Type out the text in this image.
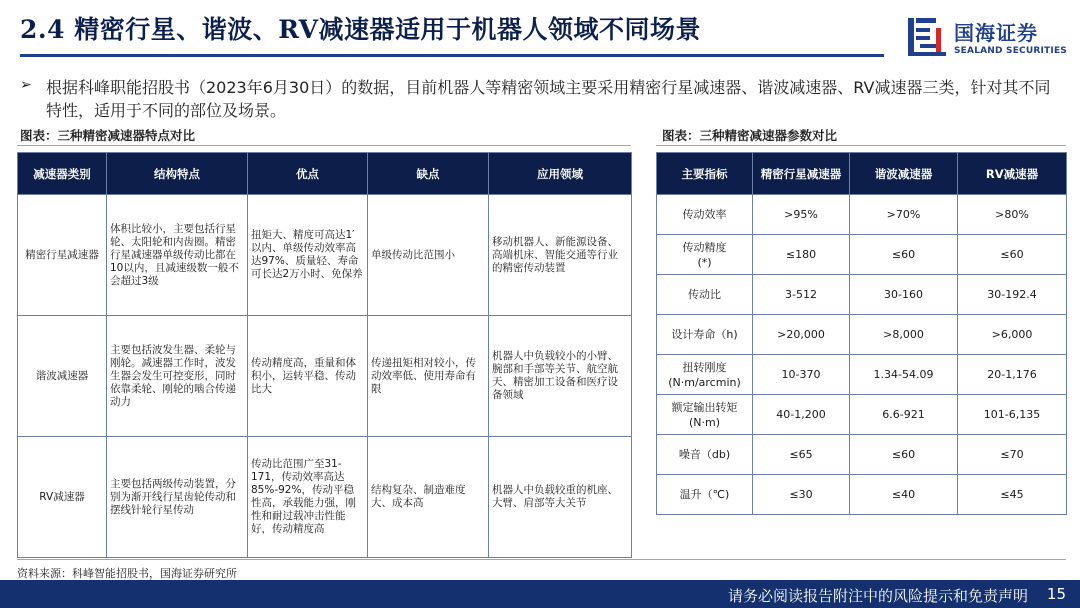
2.4 精密行星、谐波、RV减速器适用于机器人领域不同场景	国海证券
SEALAND SECURITIES
➢ 根据科峰职能招股书（2023年6月30日）的数据，目前机器人等精密领域主要采用精密行星减速器、谐波减速器、RV减速器三类，针对其不同特性，适用于不同的部位及场景。
图表：三种精密减速器特点对比	图表：三种精密减速器参数对比
减速器类别	结构特点	优点	缺点	应用领域
精密行星减速器	体积比较小，主要包括行星轮、太阳轮和内齿圈。精密行星减速器单级传动比都在10以内，且减速级数一般不会超过3级	扭矩大、精度可高达1′以内、单级传动效率高达97%、质量轻、寿命可长达2万小时、免保养	单级传动比范围小	移动机器人、新能源设备、高端机床、智能交通等行业的精密传动装置
谐波减速器	主要包括波发生器、柔轮与刚轮。减速器工作时，波发生器会发生可控变形，同时依靠柔轮、刚轮的啮合传递动力	传动精度高，重量和体积小，运转平稳、传动比大	传递扭矩相对较小，传动效率低、使用寿命有限	机器人中负载较小的小臂、腕部和手部等关节、航空航天、精密加工设备和医疗设备领域
RV减速器	主要包括两级传动装置，分别为渐开线行星齿轮传动和摆线针轮行星传动	传动比范围广至31-171，传动效率高达85%-92%，传动平稳性高，承载能力强，刚性和耐过载冲击性能好，传动精度高	结构复杂、制造难度大、成本高	机器人中负载较重的机座、大臂、肩部等大关节
主要指标	精密行星减速器	谐波减速器	RV减速器
传动效率	>95%	>70%	>80%
传动精度
(*)	≤180	≤60	≤60
传动比	3-512	30-160	30-192.4
设计寿命（h)	>20,000	>8,000	>6,000
扭转刚度
(N·m/arcmin)	10-370	1.34-54.09	20-1,176
额定输出转矩
(N·m)	40-1,200	6.6-921	101-6,135
噪音（db)	≤65	≤60	≤70
温升（℃)	≤30	≤40	≤45
资料来源：科峰智能招股书，国海证券研究所
请务必阅读报告附注中的风险提示和免责声明 15
